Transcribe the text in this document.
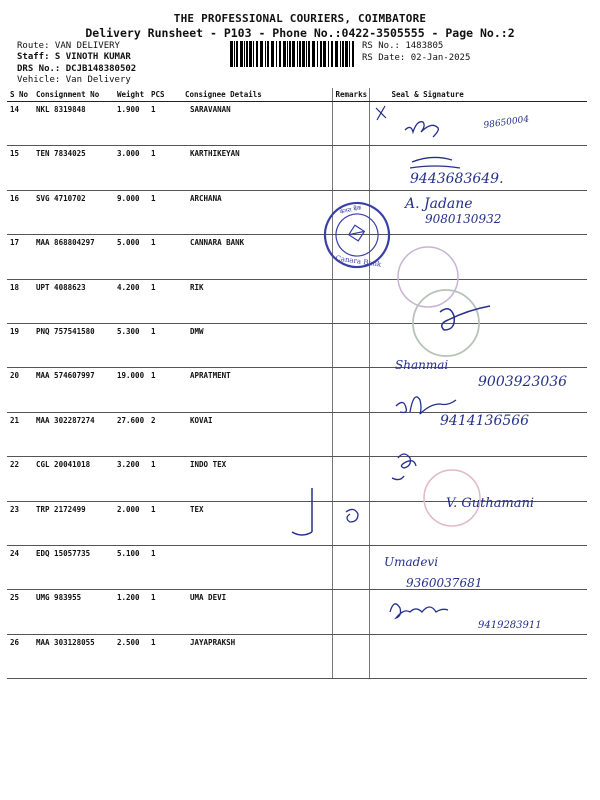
THE PROFESSIONAL COURIERS, COIMBATORE
Delivery Runsheet - P103 - Phone No.:0422-3505555 - Page No.:2
Route: VAN DELIVERY
Staff: S VINOTH KUMAR
DRS No.: DCJB148380502
Vehicle: Van Delivery
RS No.: 1483805
RS Date: 02-Jan-2025
S No	Consignment No	Weight	PCS	Consignee Details	Remarks	Seal & Signature
14	NKL 8319848	1.900	1	SARAVANAN		
15	TEN 7834025	3.000	1	KARTHIKEYAN		
16	SVG 4710702	9.000	1	ARCHANA		
17	MAA 868804297	5.000	1	CANNARA BANK		
18	UPT 4088623	4.200	1	RIK		
19	PNQ 757541580	5.300	1	DMW		
20	MAA 574607997	19.000	1	APRATMENT		
21	MAA 302287274	27.600	2	KOVAI		
22	CGL 20041018	3.200	1	INDO TEX		
23	TRP 2172499	2.000	1	TEX		
24	EDQ 15057735	5.100	1			
25	UMG 983955	1.200	1	UMA DEVI		
26	MAA 303128055	2.500	1	JAYAPRAKSH		
Canara Bank
केनरा बैंक
98650004
9443683649.
A. Jadane
9080130932
Shanmai
9003923036
9414136566
V. Guthamani
Umadevi
9360037681
9419283911
